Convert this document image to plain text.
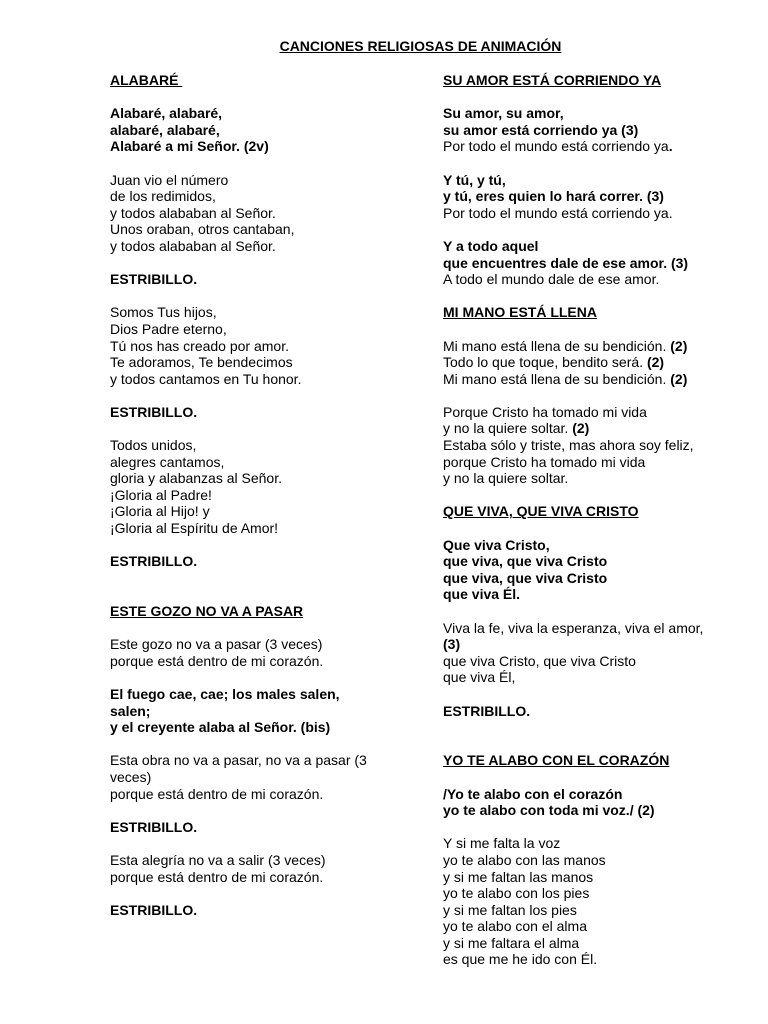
CANCIONES RELIGIOSAS DE ANIMACIÓN
ALABARÉ
Alabaré, alabaré,
alabaré, alabaré,
Alabaré a mi Señor. (2v)
Juan vio el número
de los redimidos,
y todos alababan al Señor.
Unos oraban, otros cantaban,
y todos alababan al Señor.
ESTRIBILLO.
Somos Tus hijos,
Dios Padre eterno,
Tú nos has creado por amor.
Te adoramos, Te bendecimos
y todos cantamos en Tu honor.
ESTRIBILLO.
Todos unidos,
alegres cantamos,
gloria y alabanzas al Señor.
¡Gloria al Padre!
¡Gloria al Hijo! y
¡Gloria al Espíritu de Amor!
ESTRIBILLO.
ESTE GOZO NO VA A PASAR
Este gozo no va a pasar (3 veces)
porque está dentro de mi corazón.
El fuego cae, cae; los males salen, salen;
y el creyente alaba al Señor. (bis)
Esta obra no va a pasar, no va a pasar (3 veces)
porque está dentro de mi corazón.
ESTRIBILLO.
Esta alegría no va a salir (3 veces)
porque está dentro de mi corazón.
ESTRIBILLO.
SU AMOR ESTÁ CORRIENDO YA
Su amor, su amor,
su amor está corriendo ya (3)
Por todo el mundo está corriendo ya.
Y tú, y tú,
y tú, eres quien lo hará correr. (3)
Por todo el mundo está corriendo ya.
Y a todo aquel
que encuentres dale de ese amor. (3)
A todo el mundo dale de ese amor.
MI MANO ESTÁ LLENA
Mi mano está llena de su bendición. (2)
Todo lo que toque, bendito será. (2)
Mi mano está llena de su bendición. (2)
Porque Cristo ha tomado mi vida
y no la quiere soltar. (2)
Estaba sólo y triste, mas ahora soy feliz,
porque Cristo ha tomado mi vida
y no la quiere soltar.
QUE VIVA, QUE VIVA CRISTO
Que viva Cristo,
que viva, que viva Cristo
que viva, que viva Cristo
que viva Él.
Viva la fe, viva la esperanza, viva el amor, (3)
que viva Cristo, que viva Cristo
que viva Él,
ESTRIBILLO.
YO TE ALABO CON EL CORAZÓN
/Yo te alabo con el corazón
yo te alabo con toda mi voz./ (2)
Y si me falta la voz
yo te alabo con las manos
y si me faltan las manos
yo te alabo con los pies
y si me faltan los pies
yo te alabo con el alma
y si me faltara el alma
es que me he ido con Él.
